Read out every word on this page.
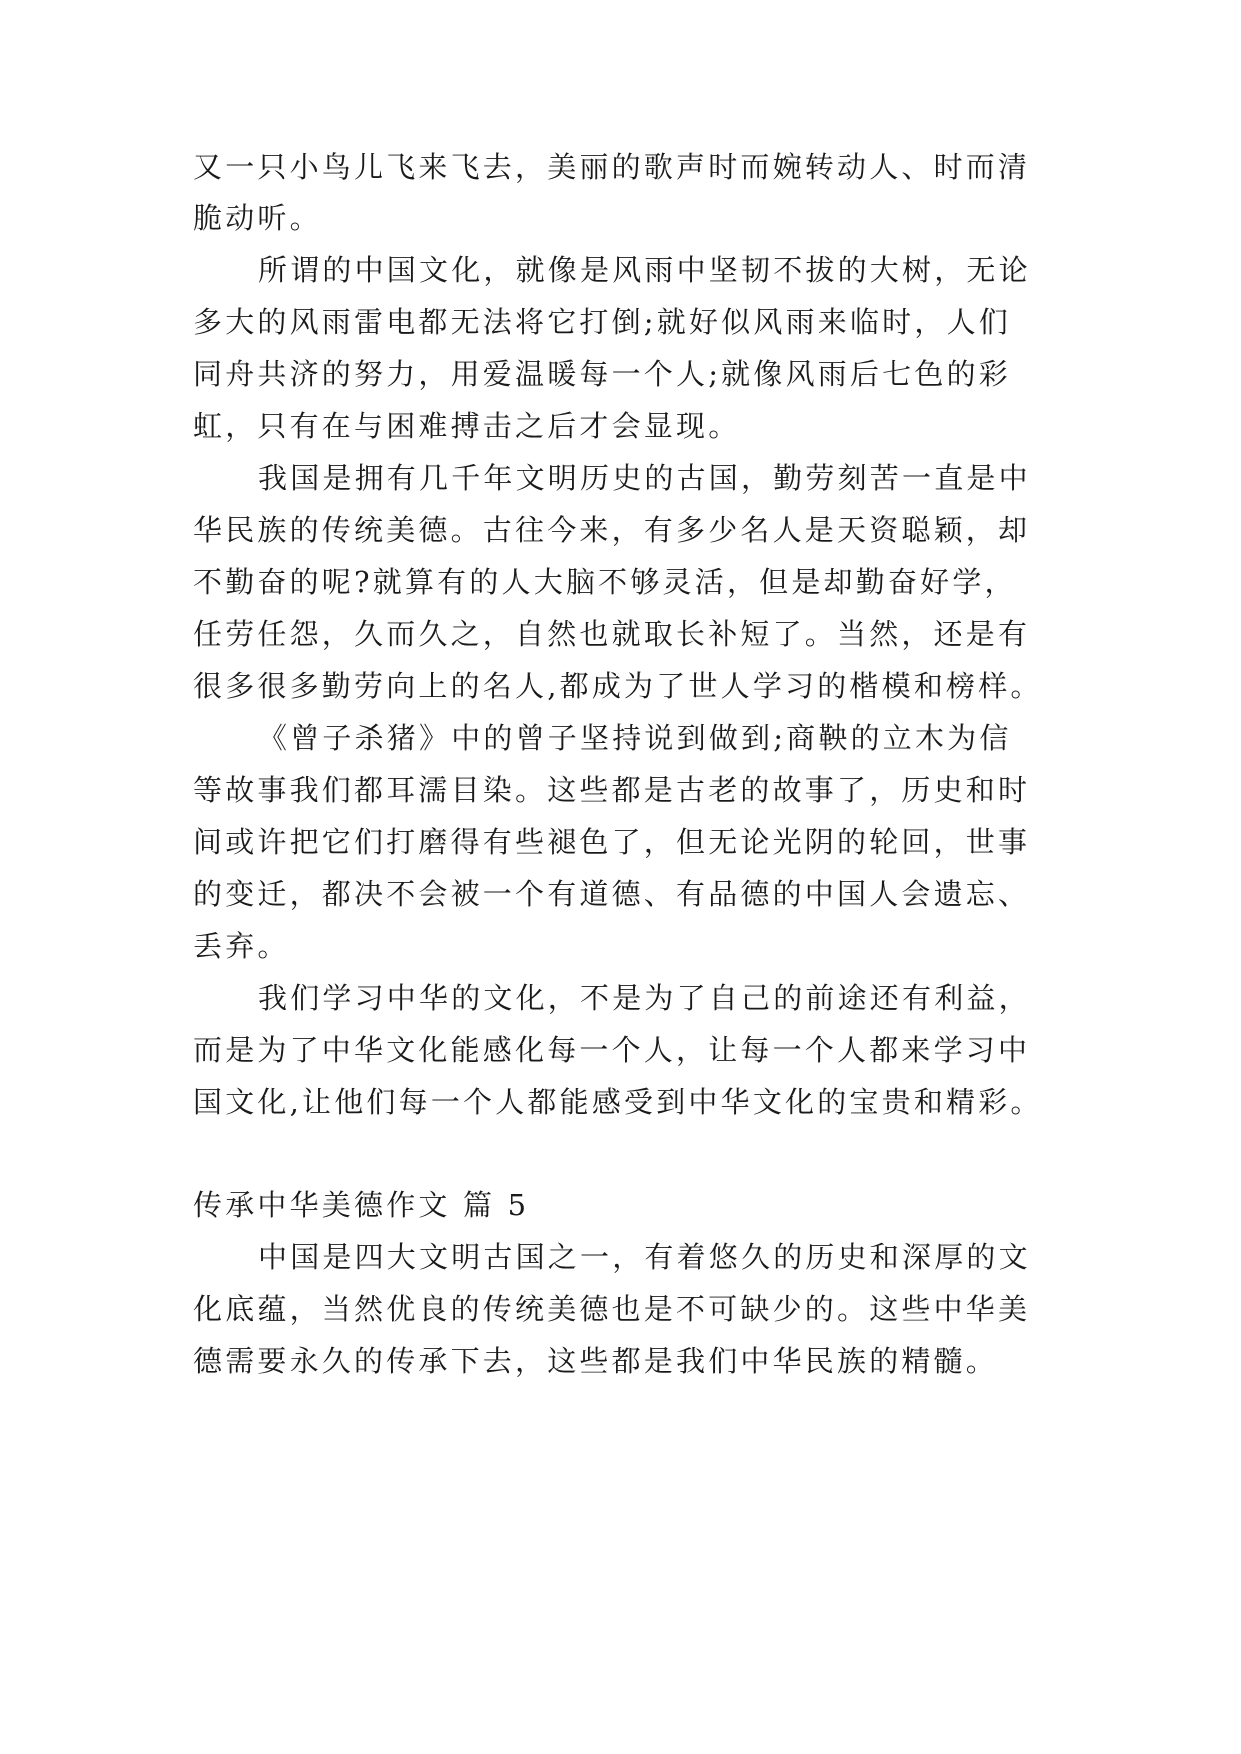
又一只小鸟儿飞来飞去，美丽的歌声时而婉转动人、时而清
脆动听。
所谓的中国文化，就像是风雨中坚韧不拔的大树，无论
多大的风雨雷电都无法将它打倒;就好似风雨来临时，人们
同舟共济的努力，用爱温暖每一个人;就像风雨后七色的彩
虹，只有在与困难搏击之后才会显现。
我国是拥有几千年文明历史的古国，勤劳刻苦一直是中
华民族的传统美德。古往今来，有多少名人是天资聪颖，却
不勤奋的呢?就算有的人大脑不够灵活，但是却勤奋好学，
任劳任怨，久而久之，自然也就取长补短了。当然，还是有
很多很多勤劳向上的名人,都成为了世人学习的楷模和榜样。
《曾子杀猪》中的曾子坚持说到做到;商鞅的立木为信
等故事我们都耳濡目染。这些都是古老的故事了，历史和时
间或许把它们打磨得有些褪色了，但无论光阴的轮回，世事
的变迁，都决不会被一个有道德、有品德的中国人会遗忘、
丢弃。
我们学习中华的文化，不是为了自己的前途还有利益，
而是为了中华文化能感化每一个人，让每一个人都来学习中
国文化,让他们每一个人都能感受到中华文化的宝贵和精彩。
传承中华美德作文 篇 5
中国是四大文明古国之一，有着悠久的历史和深厚的文
化底蕴，当然优良的传统美德也是不可缺少的。这些中华美
德需要永久的传承下去，这些都是我们中华民族的精髓。
